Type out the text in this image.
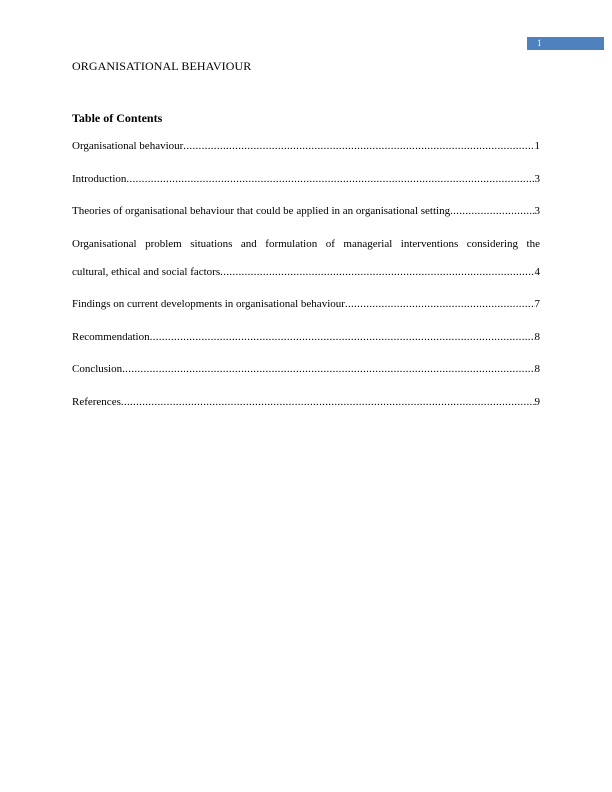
1
ORGANISATIONAL BEHAVIOUR
Table of Contents
Organisational behaviour .....	1
Introduction .....	3
Theories of organisational behaviour that could be applied in an organisational setting .....	3
Organisational problem situations and formulation of managerial interventions considering the
cultural, ethical and social factors .....	4
Findings on current developments in organisational behaviour .....	7
Recommendation .....	8
Conclusion .....	8
References .....	9
